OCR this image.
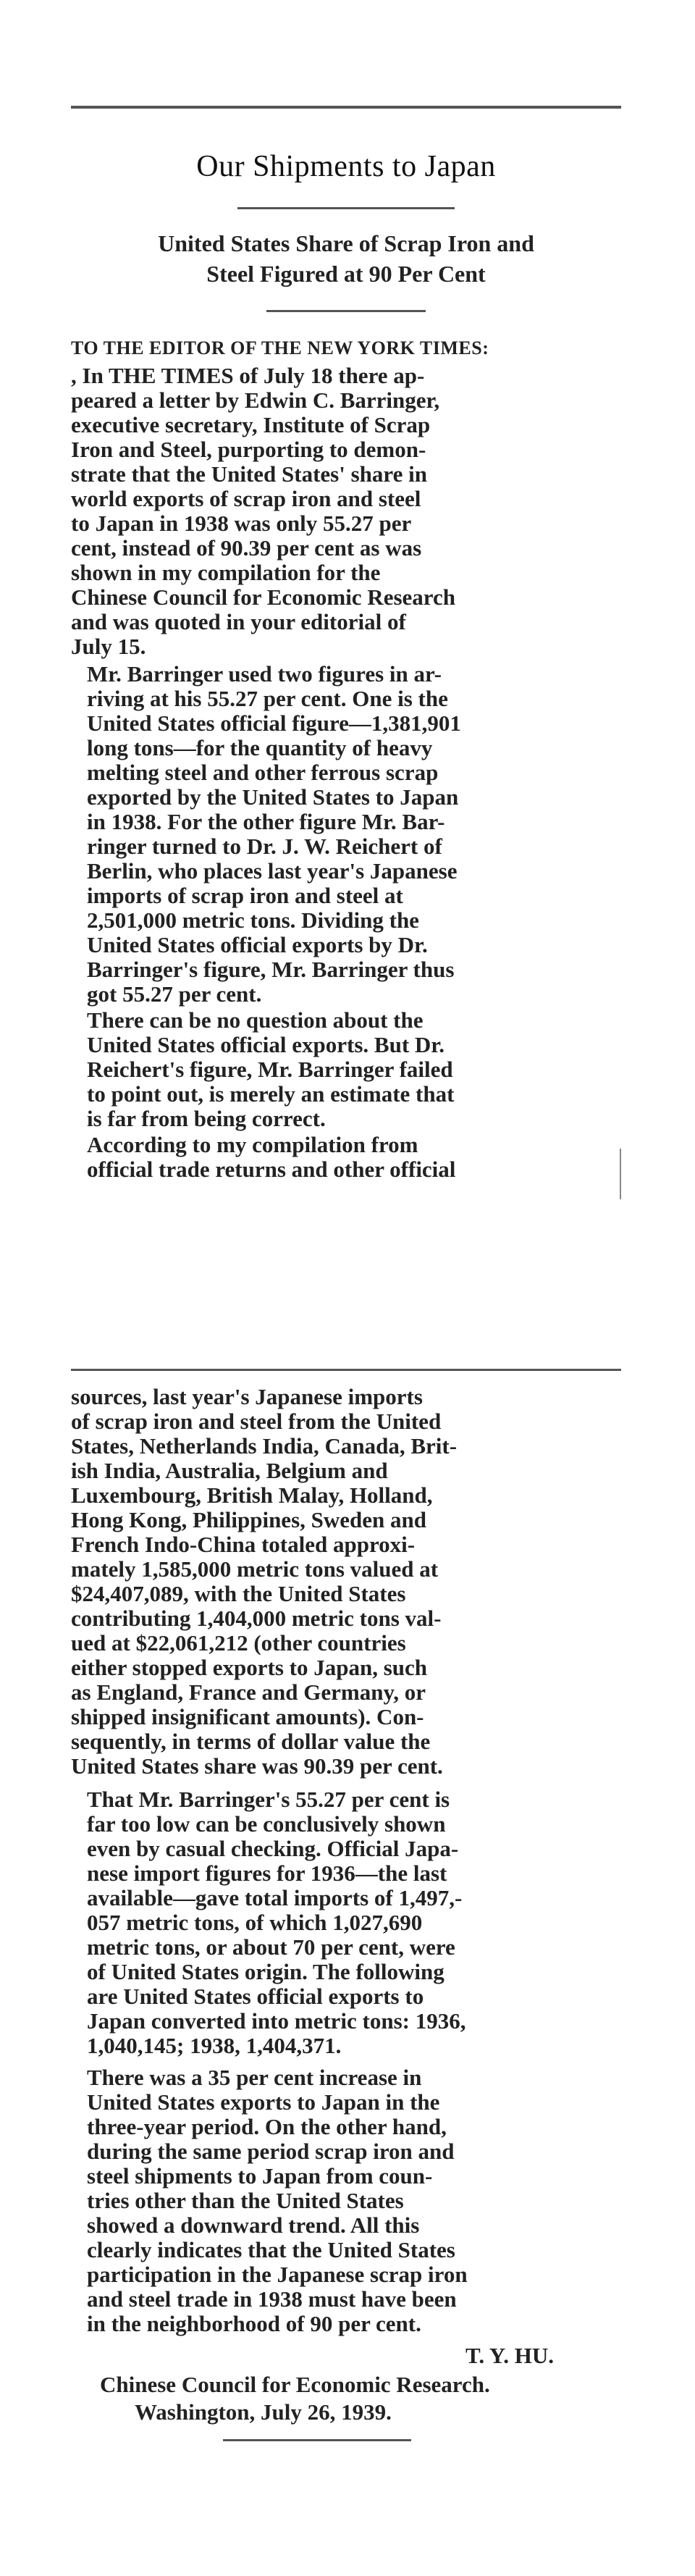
Our Shipments to Japan
United States Share of Scrap Iron and
Steel Figured at 90 Per Cent
TO THE EDITOR OF THE NEW YORK TIMES:
, In THE TIMES of July 18 there ap-
peared a letter by Edwin C. Barringer,
executive secretary, Institute of Scrap
Iron and Steel, purporting to demon-
strate that the United States' share in
world exports of scrap iron and steel
to Japan in 1938 was only 55.27 per
cent, instead of 90.39 per cent as was
shown in my compilation for the
Chinese Council for Economic Research
and was quoted in your editorial of
July 15.
Mr. Barringer used two figures in ar-
riving at his 55.27 per cent. One is the
United States official figure—1,381,901
long tons—for the quantity of heavy
melting steel and other ferrous scrap
exported by the United States to Japan
in 1938. For the other figure Mr. Bar-
ringer turned to Dr. J. W. Reichert of
Berlin, who places last year's Japanese
imports of scrap iron and steel at
2,501,000 metric tons. Dividing the
United States official exports by Dr.
Barringer's figure, Mr. Barringer thus
got 55.27 per cent.
There can be no question about the
United States official exports. But Dr.
Reichert's figure, Mr. Barringer failed
to point out, is merely an estimate that
is far from being correct.
According to my compilation from
official trade returns and other official
sources, last year's Japanese imports
of scrap iron and steel from the United
States, Netherlands India, Canada, Brit-
ish India, Australia, Belgium and
Luxembourg, British Malay, Holland,
Hong Kong, Philippines, Sweden and
French Indo-China totaled approxi-
mately 1,585,000 metric tons valued at
$24,407,089, with the United States
contributing 1,404,000 metric tons val-
ued at $22,061,212 (other countries
either stopped exports to Japan, such
as England, France and Germany, or
shipped insignificant amounts). Con-
sequently, in terms of dollar value the
United States share was 90.39 per cent.
That Mr. Barringer's 55.27 per cent is
far too low can be conclusively shown
even by casual checking. Official Japa-
nese import figures for 1936—the last
available—gave total imports of 1,497,-
057 metric tons, of which 1,027,690
metric tons, or about 70 per cent, were
of United States origin. The following
are United States official exports to
Japan converted into metric tons: 1936,
1,040,145; 1938, 1,404,371.
There was a 35 per cent increase in
United States exports to Japan in the
three-year period. On the other hand,
during the same period scrap iron and
steel shipments to Japan from coun-
tries other than the United States
showed a downward trend. All this
clearly indicates that the United States
participation in the Japanese scrap iron
and steel trade in 1938 must have been
in the neighborhood of 90 per cent.
T. Y. HU.
Chinese Council for Economic Research.
Washington, July 26, 1939.
